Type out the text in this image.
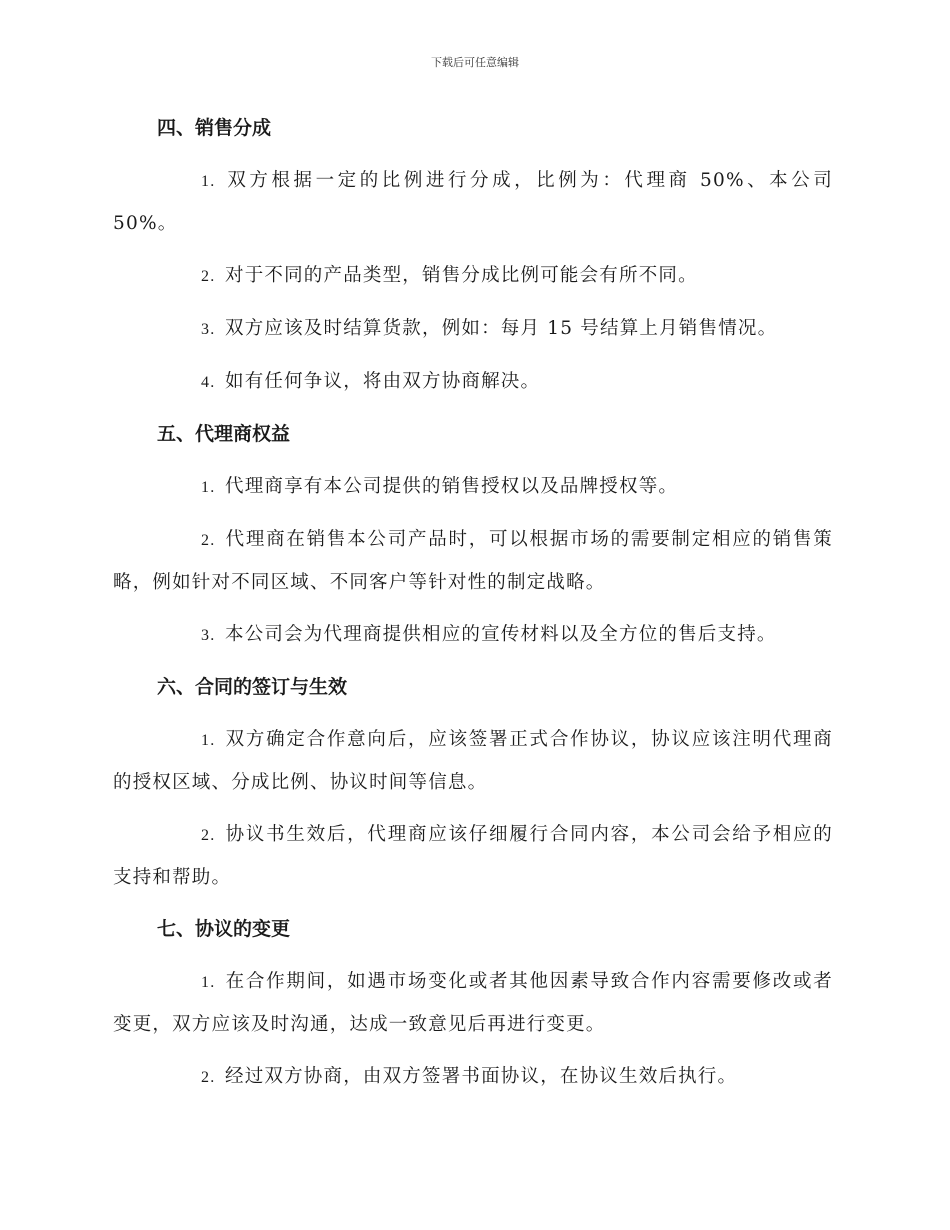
下载后可任意编辑
四、销售分成

1. 双方根据一定的比例进行分成，比例为：代理商 50%、本公司 50%。

2. 对于不同的产品类型，销售分成比例可能会有所不同。

3. 双方应该及时结算货款，例如：每月 15 号结算上月销售情况。

4. 如有任何争议，将由双方协商解决。

五、代理商权益

1. 代理商享有本公司提供的销售授权以及品牌授权等。

2. 代理商在销售本公司产品时，可以根据市场的需要制定相应的销售策略，例如针对不同区域、不同客户等针对性的制定战略。

3. 本公司会为代理商提供相应的宣传材料以及全方位的售后支持。

六、合同的签订与生效

1. 双方确定合作意向后，应该签署正式合作协议，协议应该注明代理商的授权区域、分成比例、协议时间等信息。

2. 协议书生效后，代理商应该仔细履行合同内容，本公司会给予相应的支持和帮助。

七、协议的变更

1. 在合作期间，如遇市场变化或者其他因素导致合作内容需要修改或者变更，双方应该及时沟通，达成一致意见后再进行变更。

2. 经过双方协商，由双方签署书面协议，在协议生效后执行。
